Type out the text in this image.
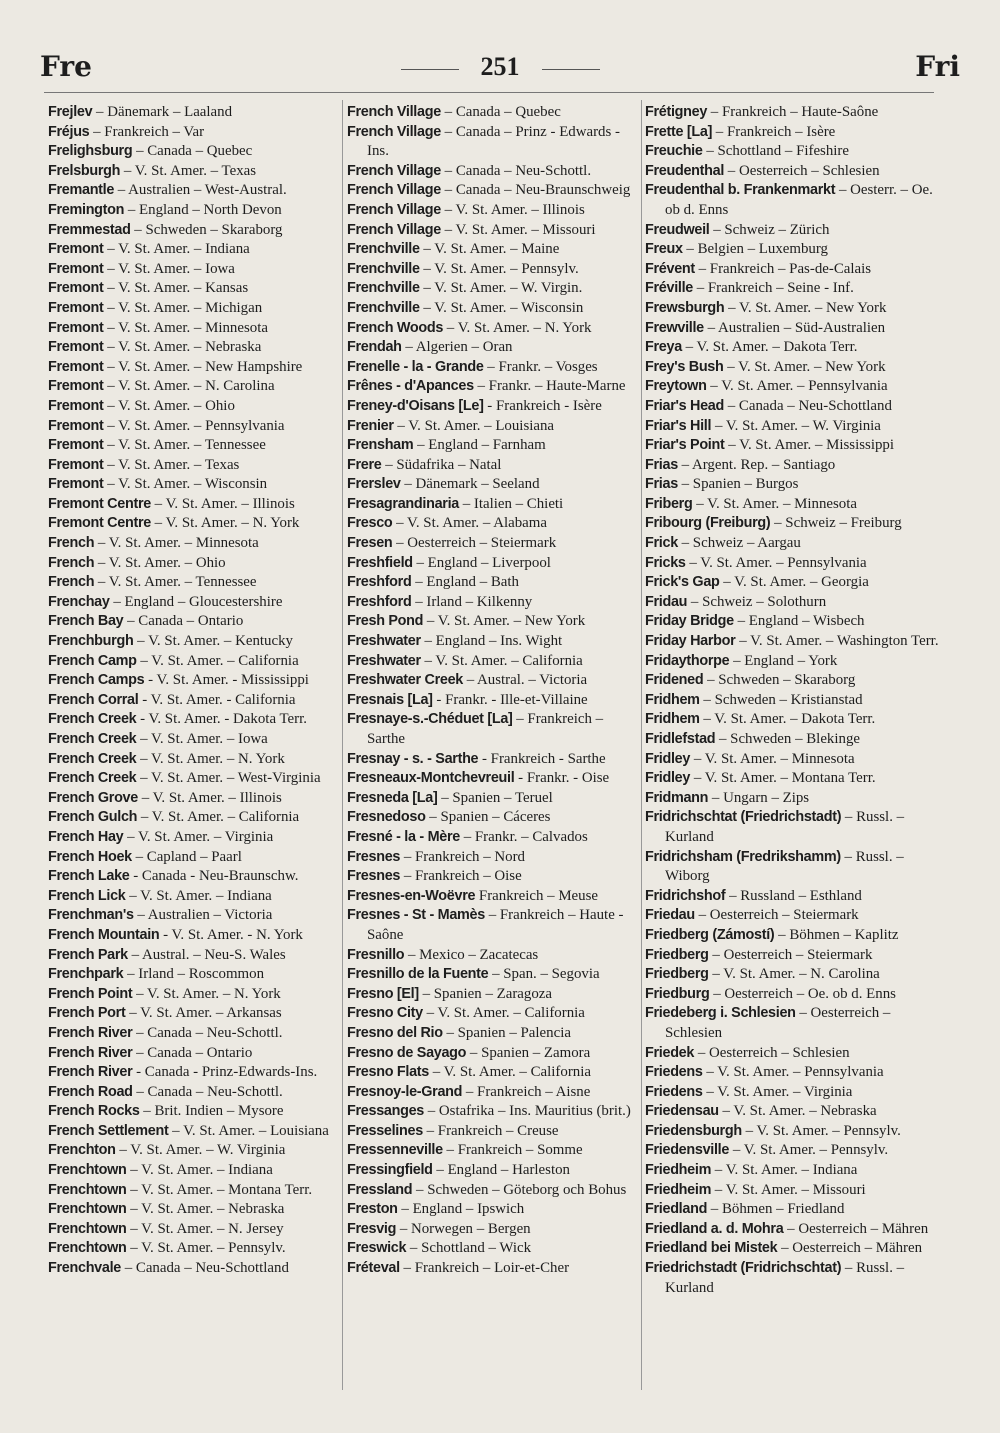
Fre	251	Fri

Frejlev – Dänemark – Laaland

Fréjus – Frankreich – Var

Frelighsburg – Canada – Quebec

Frelsburgh – V. St. Amer. – Texas

Fremantle – Australien – West-Austral.

Fremington – England – North Devon

Fremmestad – Schweden – Skaraborg

Fremont – V. St. Amer. – Indiana

Fremont – V. St. Amer. – Iowa

Fremont – V. St. Amer. – Kansas

Fremont – V. St. Amer. – Michigan

Fremont – V. St. Amer. – Minnesota

Fremont – V. St. Amer. – Nebraska

Fremont – V. St. Amer. – New Hampshire

Fremont – V. St. Amer. – N. Carolina

Fremont – V. St. Amer. – Ohio

Fremont – V. St. Amer. – Pennsylvania

Fremont – V. St. Amer. – Tennessee

Fremont – V. St. Amer. – Texas

Fremont – V. St. Amer. – Wisconsin

Fremont Centre – V. St. Amer. – Illinois

Fremont Centre – V. St. Amer. – N. York

French – V. St. Amer. – Minnesota

French – V. St. Amer. – Ohio

French – V. St. Amer. – Tennessee

Frenchay – England – Gloucestershire

French Bay – Canada – Ontario

Frenchburgh – V. St. Amer. – Kentucky

French Camp – V. St. Amer. – California

French Camps - V. St. Amer. - Mississippi

French Corral - V. St. Amer. - California

French Creek - V. St. Amer. - Dakota Terr.

French Creek – V. St. Amer. – Iowa

French Creek – V. St. Amer. – N. York

French Creek – V. St. Amer. – West-Virginia

French Grove – V. St. Amer. – Illinois

French Gulch – V. St. Amer. – California

French Hay – V. St. Amer. – Virginia

French Hoek – Capland – Paarl

French Lake - Canada - Neu-Braunschw.

French Lick – V. St. Amer. – Indiana

Frenchman's – Australien – Victoria

French Mountain - V. St. Amer. - N. York

French Park – Austral. – Neu-S. Wales

Frenchpark – Irland – Roscommon

French Point – V. St. Amer. – N. York

French Port – V. St. Amer. – Arkansas

French River – Canada – Neu-Schottl.

French River – Canada – Ontario

French River - Canada - Prinz-Edwards-Ins.

French Road – Canada – Neu-Schottl.

French Rocks – Brit. Indien – Mysore

French Settlement – V. St. Amer. – Louisiana

Frenchton – V. St. Amer. – W. Virginia

Frenchtown – V. St. Amer. – Indiana

Frenchtown – V. St. Amer. – Montana Terr.

Frenchtown – V. St. Amer. – Nebraska

Frenchtown – V. St. Amer. – N. Jersey

Frenchtown – V. St. Amer. – Pennsylv.

Frenchvale – Canada – Neu-Schottland

French Village – Canada – Quebec

French Village – Canada – Prinz - Edwards - Ins.

French Village – Canada – Neu-Schottl.

French Village – Canada – Neu-Braunschweig

French Village – V. St. Amer. – Illinois

French Village – V. St. Amer. – Missouri

Frenchville – V. St. Amer. – Maine

Frenchville – V. St. Amer. – Pennsylv.

Frenchville – V. St. Amer. – W. Virgin.

Frenchville – V. St. Amer. – Wisconsin

French Woods – V. St. Amer. – N. York

Frendah – Algerien – Oran

Frenelle - la - Grande – Frankr. – Vosges

Frênes - d'Apances – Frankr. – Haute-Marne

Freney-d'Oisans [Le] - Frankreich - Isère

Frenier – V. St. Amer. – Louisiana

Frensham – England – Farnham

Frere – Südafrika – Natal

Frerslev – Dänemark – Seeland

Fresagrandinaria – Italien – Chieti

Fresco – V. St. Amer. – Alabama

Fresen – Oesterreich – Steiermark

Freshfield – England – Liverpool

Freshford – England – Bath

Freshford – Irland – Kilkenny

Fresh Pond – V. St. Amer. – New York

Freshwater – England – Ins. Wight

Freshwater – V. St. Amer. – California

Freshwater Creek – Austral. – Victoria

Fresnais [La] - Frankr. - Ille-et-Villaine

Fresnaye-s.-Chéduet [La] – Frankreich – Sarthe

Fresnay - s. - Sarthe - Frankreich - Sarthe

Fresneaux-Montchevreuil - Frankr. - Oise

Fresneda [La] – Spanien – Teruel

Fresnedoso – Spanien – Cáceres

Fresné - la - Mère – Frankr. – Calvados

Fresnes – Frankreich – Nord

Fresnes – Frankreich – Oise

Fresnes-en-Woëvre Frankreich – Meuse

Fresnes - St - Mamès – Frankreich – Haute - Saône

Fresnillo – Mexico – Zacatecas

Fresnillo de la Fuente – Span. – Segovia

Fresno [El] – Spanien – Zaragoza

Fresno City – V. St. Amer. – California

Fresno del Rio – Spanien – Palencia

Fresno de Sayago – Spanien – Zamora

Fresno Flats – V. St. Amer. – California

Fresnoy-le-Grand – Frankreich – Aisne

Fressanges – Ostafrika – Ins. Mauritius (brit.)

Fresselines – Frankreich – Creuse

Fressenneville – Frankreich – Somme

Fressingfield – England – Harleston

Fressland – Schweden – Göteborg och Bohus

Freston – England – Ipswich

Fresvig – Norwegen – Bergen

Freswick – Schottland – Wick

Fréteval – Frankreich – Loir-et-Cher

Frétigney – Frankreich – Haute-Saône

Frette [La] – Frankreich – Isère

Freuchie – Schottland – Fifeshire

Freudenthal – Oesterreich – Schlesien

Freudenthal b. Frankenmarkt – Oesterr. – Oe. ob d. Enns

Freudweil – Schweiz – Zürich

Freux – Belgien – Luxemburg

Frévent – Frankreich – Pas-de-Calais

Fréville – Frankreich – Seine - Inf.

Frewsburgh – V. St. Amer. – New York

Frewville – Australien – Süd-Australien

Freya – V. St. Amer. – Dakota Terr.

Frey's Bush – V. St. Amer. – New York

Freytown – V. St. Amer. – Pennsylvania

Friar's Head – Canada – Neu-Schottland

Friar's Hill – V. St. Amer. – W. Virginia

Friar's Point – V. St. Amer. – Mississippi

Frias – Argent. Rep. – Santiago

Frias – Spanien – Burgos

Friberg – V. St. Amer. – Minnesota

Fribourg (Freiburg) – Schweiz – Freiburg

Frick – Schweiz – Aargau

Fricks – V. St. Amer. – Pennsylvania

Frick's Gap – V. St. Amer. – Georgia

Fridau – Schweiz – Solothurn

Friday Bridge – England – Wisbech

Friday Harbor – V. St. Amer. – Washington Terr.

Fridaythorpe – England – York

Fridened – Schweden – Skaraborg

Fridhem – Schweden – Kristianstad

Fridhem – V. St. Amer. – Dakota Terr.

Fridlefstad – Schweden – Blekinge

Fridley – V. St. Amer. – Minnesota

Fridley – V. St. Amer. – Montana Terr.

Fridmann – Ungarn – Zips

Fridrichschtat (Friedrichstadt) – Russl. – Kurland

Fridrichsham (Fredrikshamm) – Russl. – Wiborg

Fridrichshof – Russland – Esthland

Friedau – Oesterreich – Steiermark

Friedberg (Zámostí) – Böhmen – Kaplitz

Friedberg – Oesterreich – Steiermark

Friedberg – V. St. Amer. – N. Carolina

Friedburg – Oesterreich – Oe. ob d. Enns

Friedeberg i. Schlesien – Oesterreich – Schlesien

Friedek – Oesterreich – Schlesien

Friedens – V. St. Amer. – Pennsylvania

Friedens – V. St. Amer. – Virginia

Friedensau – V. St. Amer. – Nebraska

Friedensburgh – V. St. Amer. – Pennsylv.

Friedensville – V. St. Amer. – Pennsylv.

Friedheim – V. St. Amer. – Indiana

Friedheim – V. St. Amer. – Missouri

Friedland – Böhmen – Friedland

Friedland a. d. Mohra – Oesterreich – Mähren

Friedland bei Mistek – Oesterreich – Mähren

Friedrichstadt (Fridrichschtat) – Russl. – Kurland
